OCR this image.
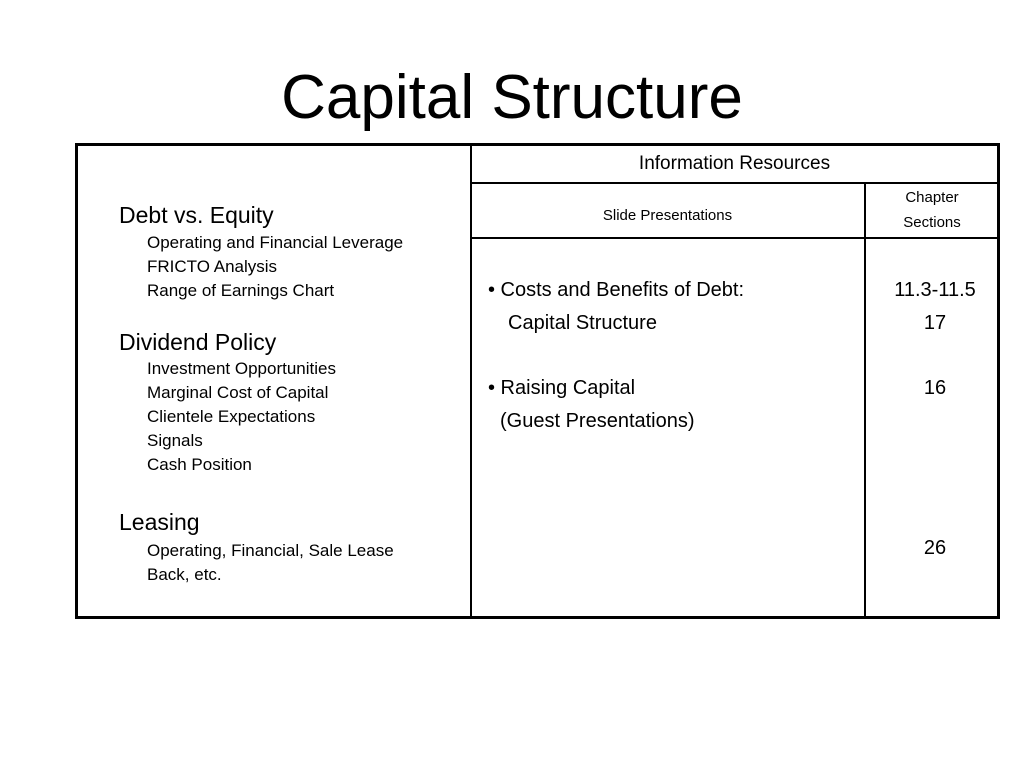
Capital Structure
Debt vs. Equity
Operating and Financial Leverage
FRICTO Analysis
Range of Earnings Chart
Dividend Policy
Investment Opportunities
Marginal Cost of Capital
Clientele Expectations
Signals
Cash Position
Leasing
Operating, Financial, Sale Lease
Back, etc.
Information Resources
Slide Presentations
Chapter
Sections
• Costs and Benefits of Debt:
Capital Structure
11.3-11.5
17
• Raising Capital
(Guest Presentations)
16
26
